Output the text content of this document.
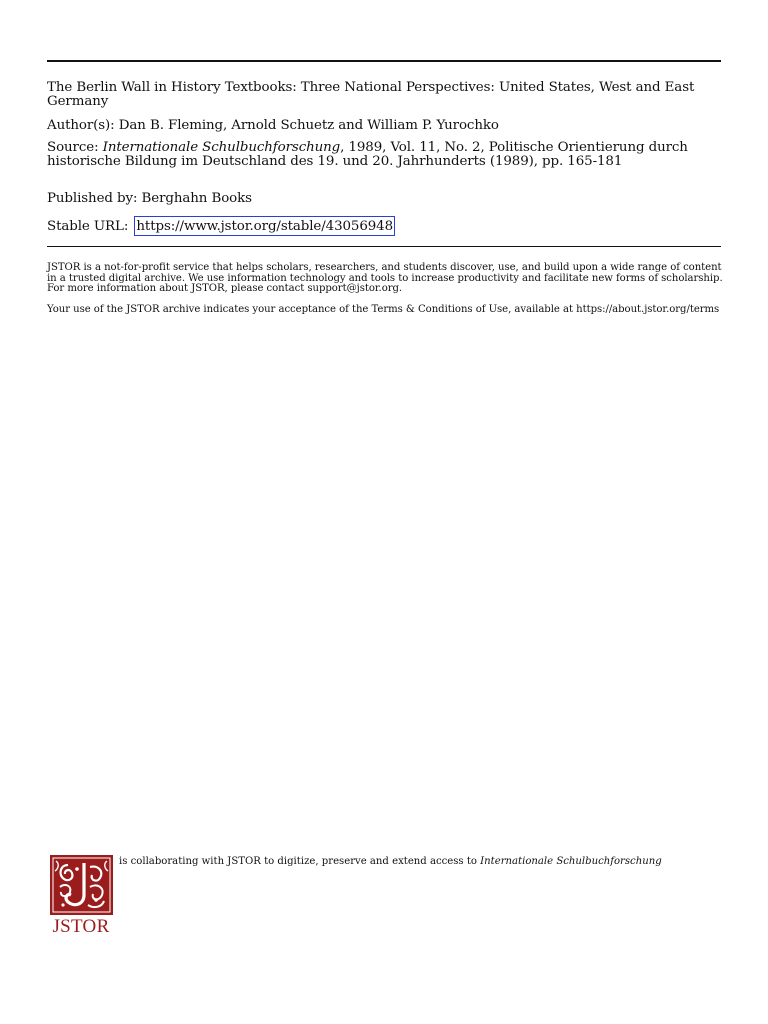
The Berlin Wall in History Textbooks: Three National Perspectives: United States, West and East Germany

Author(s): Dan B. Fleming, Arnold Schuetz and William P. Yurochko

Source: Internationale Schulbuchforschung, 1989, Vol. 11, No. 2, Politische Orientierung durch historische Bildung im Deutschland des 19. und 20. Jahrhunderts (1989), pp. 165-181

Published by: Berghahn Books

Stable URL: https://www.jstor.org/stable/43056948

JSTOR is a not-for-profit service that helps scholars, researchers, and students discover, use, and build upon a wide range of content in a trusted digital archive. We use information technology and tools to increase productivity and facilitate new forms of scholarship. For more information about JSTOR, please contact support@jstor.org.

Your use of the JSTOR archive indicates your acceptance of the Terms & Conditions of Use, available at https://about.jstor.org/terms

JSTOR

is collaborating with JSTOR to digitize, preserve and extend access to Internationale Schulbuchforschung
